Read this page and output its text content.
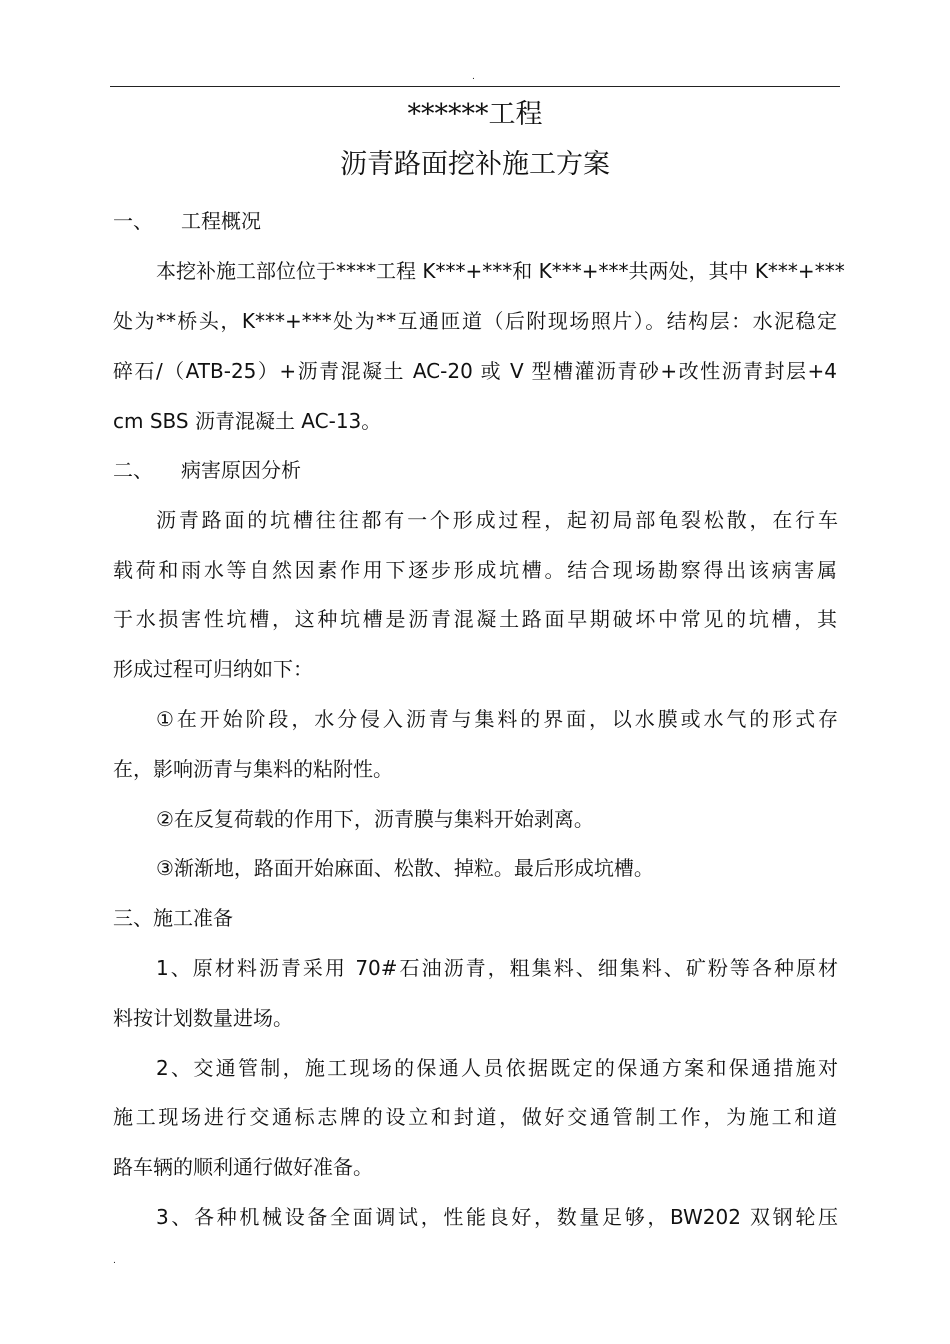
.
******工程
沥青路面挖补施工方案
一、 工程概况
本挖补施工部位位于****工程 K***+***和 K***+***共两处，其中 K***+***
处为**桥头，K***+***处为**互通匝道（后附现场照片）。结构层：水泥稳定
碎石/（ATB-25）+沥青混凝土 AC-20 或 V 型槽灌沥青砂+改性沥青封层+4
cm SBS 沥青混凝土 AC-13。
二、 病害原因分析
沥青路面的坑槽往往都有一个形成过程，起初局部龟裂松散，在行车
载荷和雨水等自然因素作用下逐步形成坑槽。结合现场勘察得出该病害属
于水损害性坑槽，这种坑槽是沥青混凝土路面早期破坏中常见的坑槽，其
形成过程可归纳如下：
①在开始阶段，水分侵入沥青与集料的界面，以水膜或水气的形式存
在，影响沥青与集料的粘附性。
②在反复荷载的作用下，沥青膜与集料开始剥离。
③渐渐地，路面开始麻面、松散、掉粒。最后形成坑槽。
三、施工准备
1、原材料沥青采用 70#石油沥青，粗集料、细集料、矿粉等各种原材
料按计划数量进场。
2、交通管制，施工现场的保通人员依据既定的保通方案和保通措施对
施工现场进行交通标志牌的设立和封道，做好交通管制工作，为施工和道
路车辆的顺利通行做好准备。
3、各种机械设备全面调试，性能良好，数量足够，BW202 双钢轮压
.
